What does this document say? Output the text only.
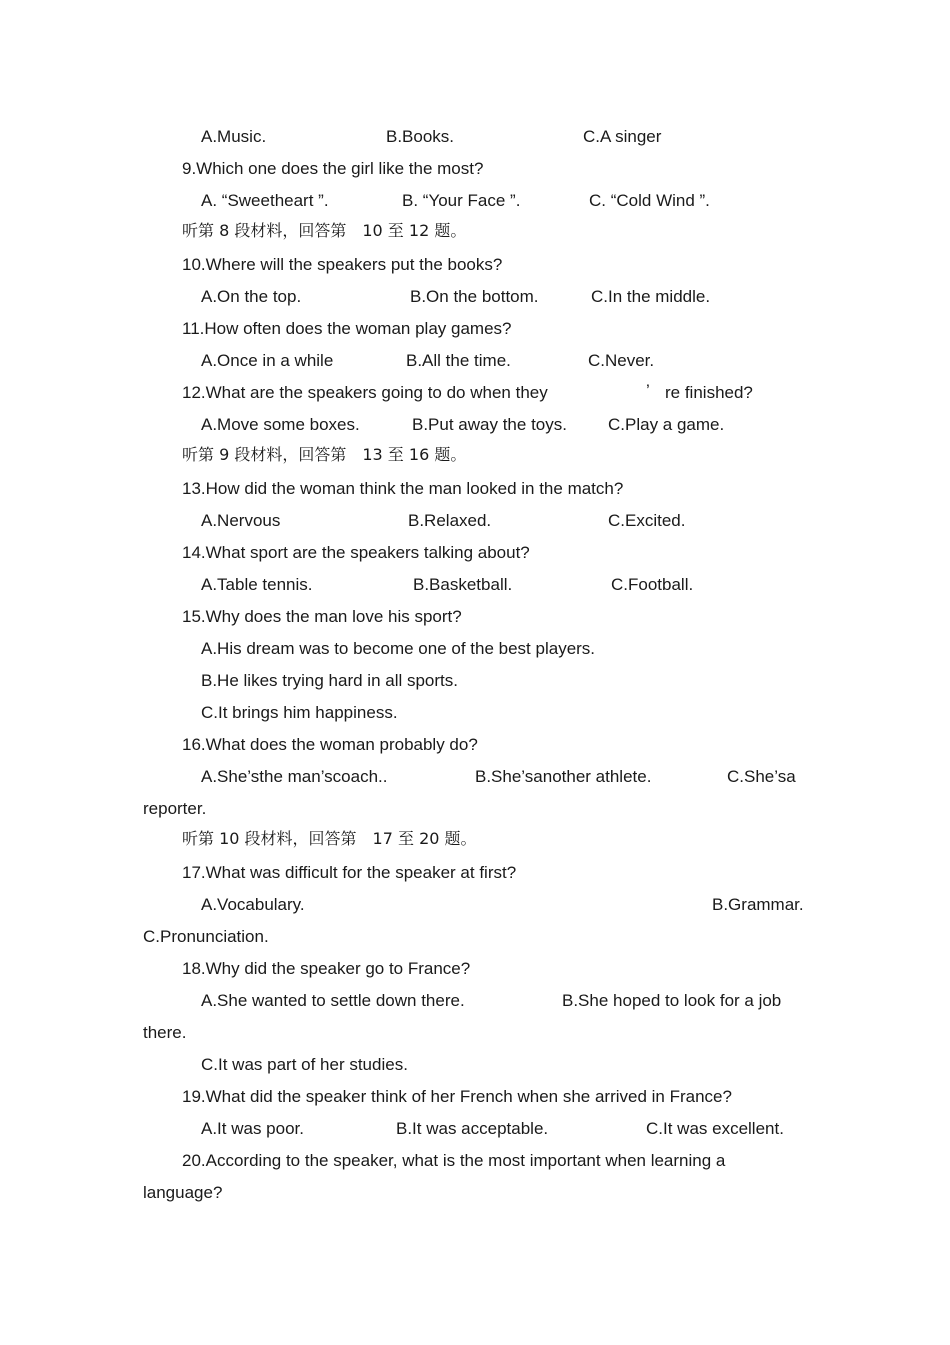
A.Music.	B.Books.	C.A singer
9.Which one does the girl like the most?
A. “Sweetheart ”.	B. “Your Face ”.	C. “Cold Wind ”.
听第 8 段材料，回答第　10 至 12 题。
10.Where will the speakers put the books?
A.On the top.	B.On the bottom.	C.In the middle.
11.How often does the woman play games?
A.Once in a while	B.All the time.	C.Never.
12.What are the speakers going to do when they	’ re finished?
A.Move some boxes.	B.Put away the toys. C.Play a game.
听第 9 段材料，回答第　13 至 16 题。
13.How did the woman think the man looked in the match?
A.Nervous	B.Relaxed.	C.Excited.
14.What sport are the speakers talking about?
A.Table tennis.	B.Basketball.	C.Football.
15.Why does the man love his sport?
A.His dream was to become one of the best players.
B.He likes trying hard in all sports.
C.It brings him happiness.
16.What does the woman probably do?
A.She’sthe man’scoach..	B.She’sanother athlete.	C.She’sa
reporter.
听第 10 段材料，回答第　17 至 20 题。
17.What was difficult for the speaker at first?
A.Vocabulary.	B.Grammar.
C.Pronunciation.
18.Why did the speaker go to France?
A.She wanted to settle down there.	B.She hoped to look for a job
there.
C.It was part of her studies.
19.What did the speaker think of her French when she arrived in France?
A.It was poor.	B.It was acceptable.	C.It was excellent.
20.According to the speaker, what is the most important when learning a
language?
